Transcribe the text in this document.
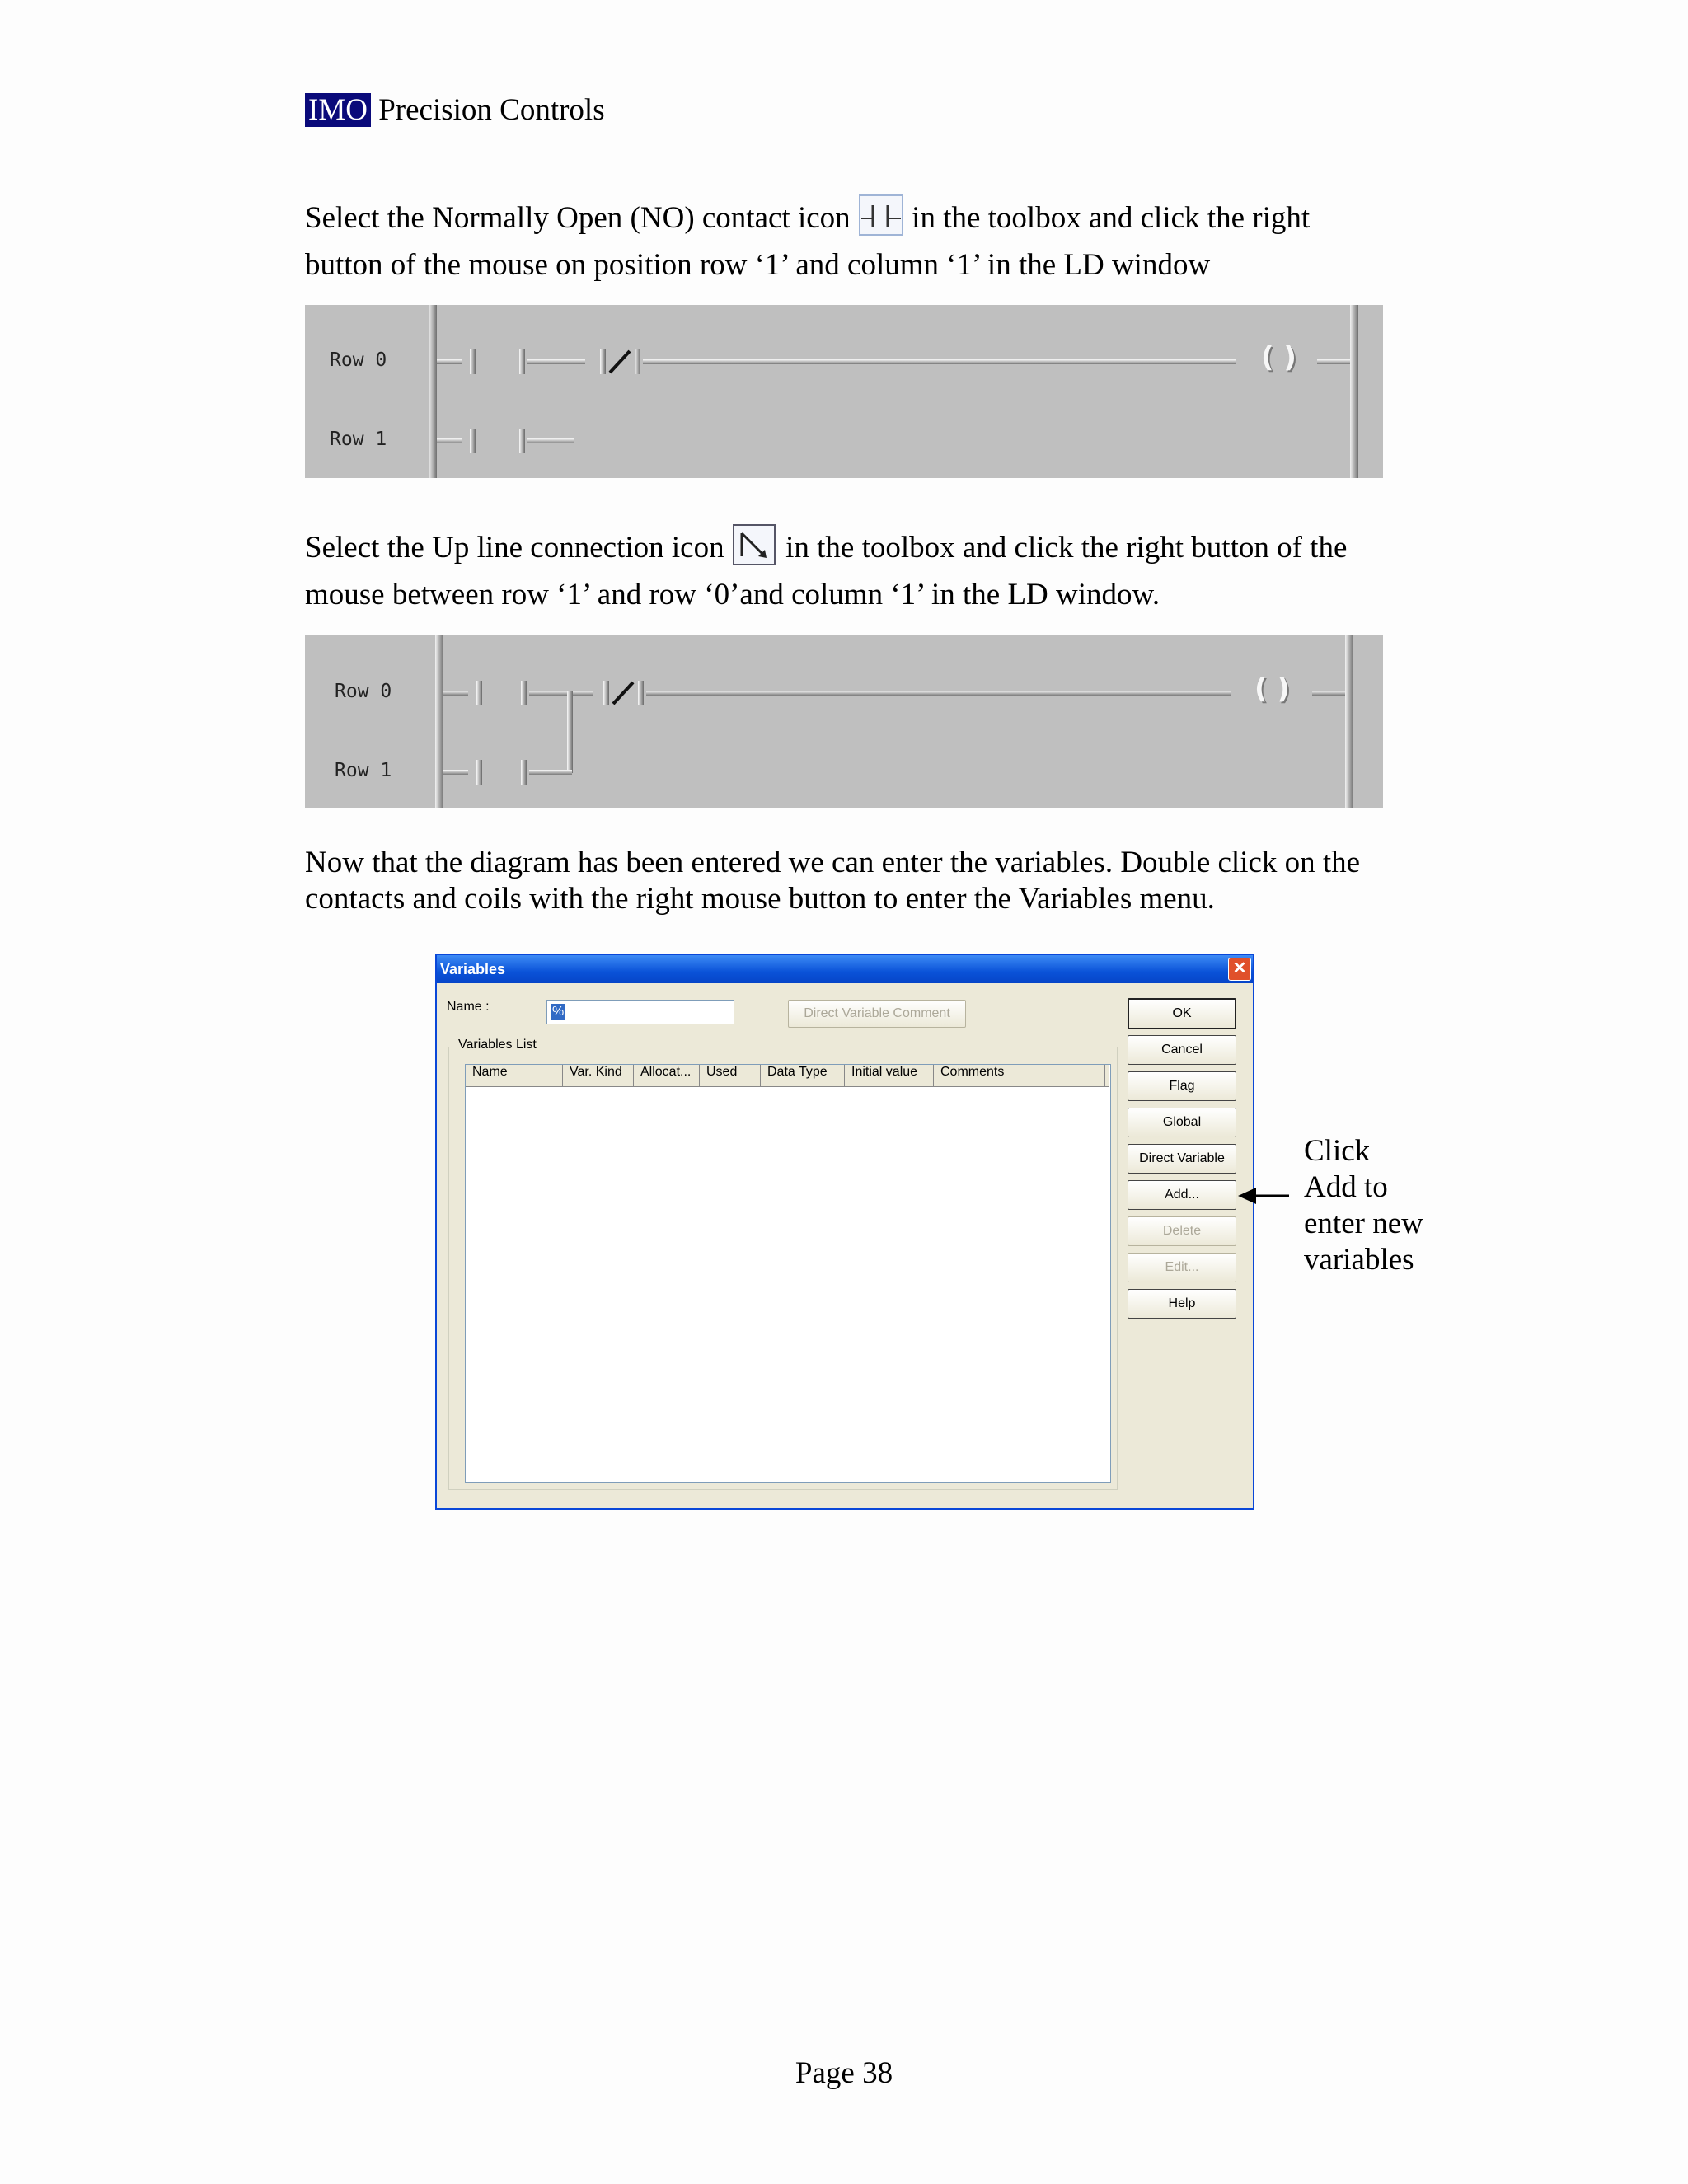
IMO Precision Controls
Select the Normally Open (NO) contact icon in the toolbox and click the right
button of the mouse on position row ‘1’ and column ‘1’ in the LD window
Row 0
Row 1
( )
Select the Up line connection icon in the toolbox and click the right button of the
mouse between row ‘1’ and row ‘0’and column ‘1’ in the LD window.
Row 0
Row 1
( )
Now that the diagram has been entered we can enter the variables. Double click on the
contacts and coils with the right mouse button to enter the Variables menu.
Variables	✕
Name :	%	Direct Variable Comment
Variables List
Name	Var. Kind	Allocat...	Used	Data Type	Initial value	Comments
OK
Cancel
Flag
Global
Direct Variable
Add...
Delete
Edit...
Help
Click
Add to
enter new
variables
Page 38
